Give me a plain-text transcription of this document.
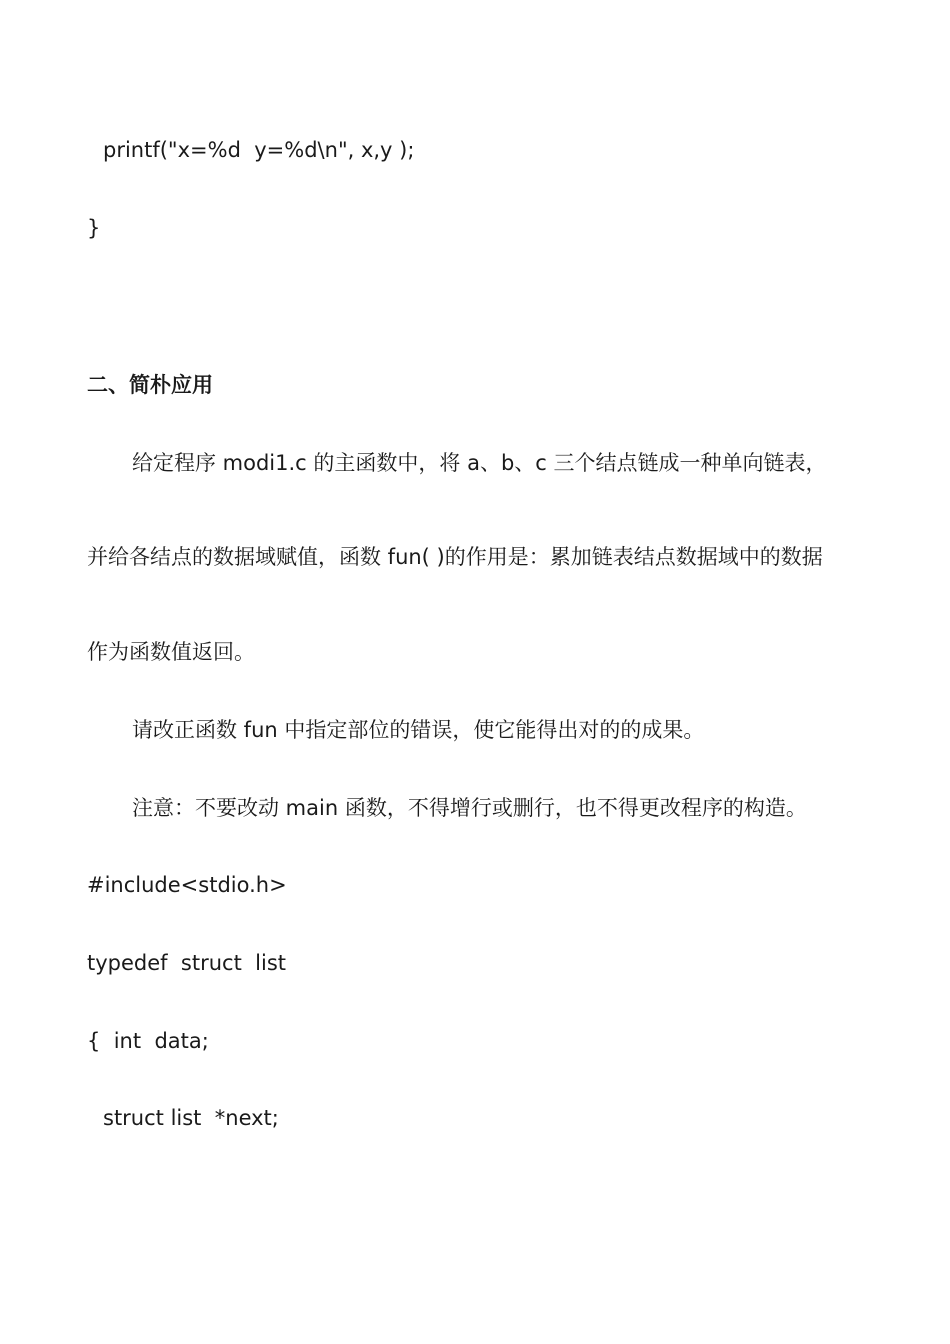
printf("x=%d  y=%d\n", x,y );

}

二、简朴应用

给定程序 modi1.c 的主函数中，将 a、b、c 三个结点链成一种单向链表，

并给各结点的数据域赋值，函数 fun( )的作用是：累加链表结点数据域中的数据

作为函数值返回。

请改正函数 fun 中指定部位的错误，使它能得出对的的成果。

注意：不要改动 main 函数，不得增行或删行，也不得更改程序的构造。

#include<stdio.h>

typedef  struct  list

{  int  data;

struct list  *next;
